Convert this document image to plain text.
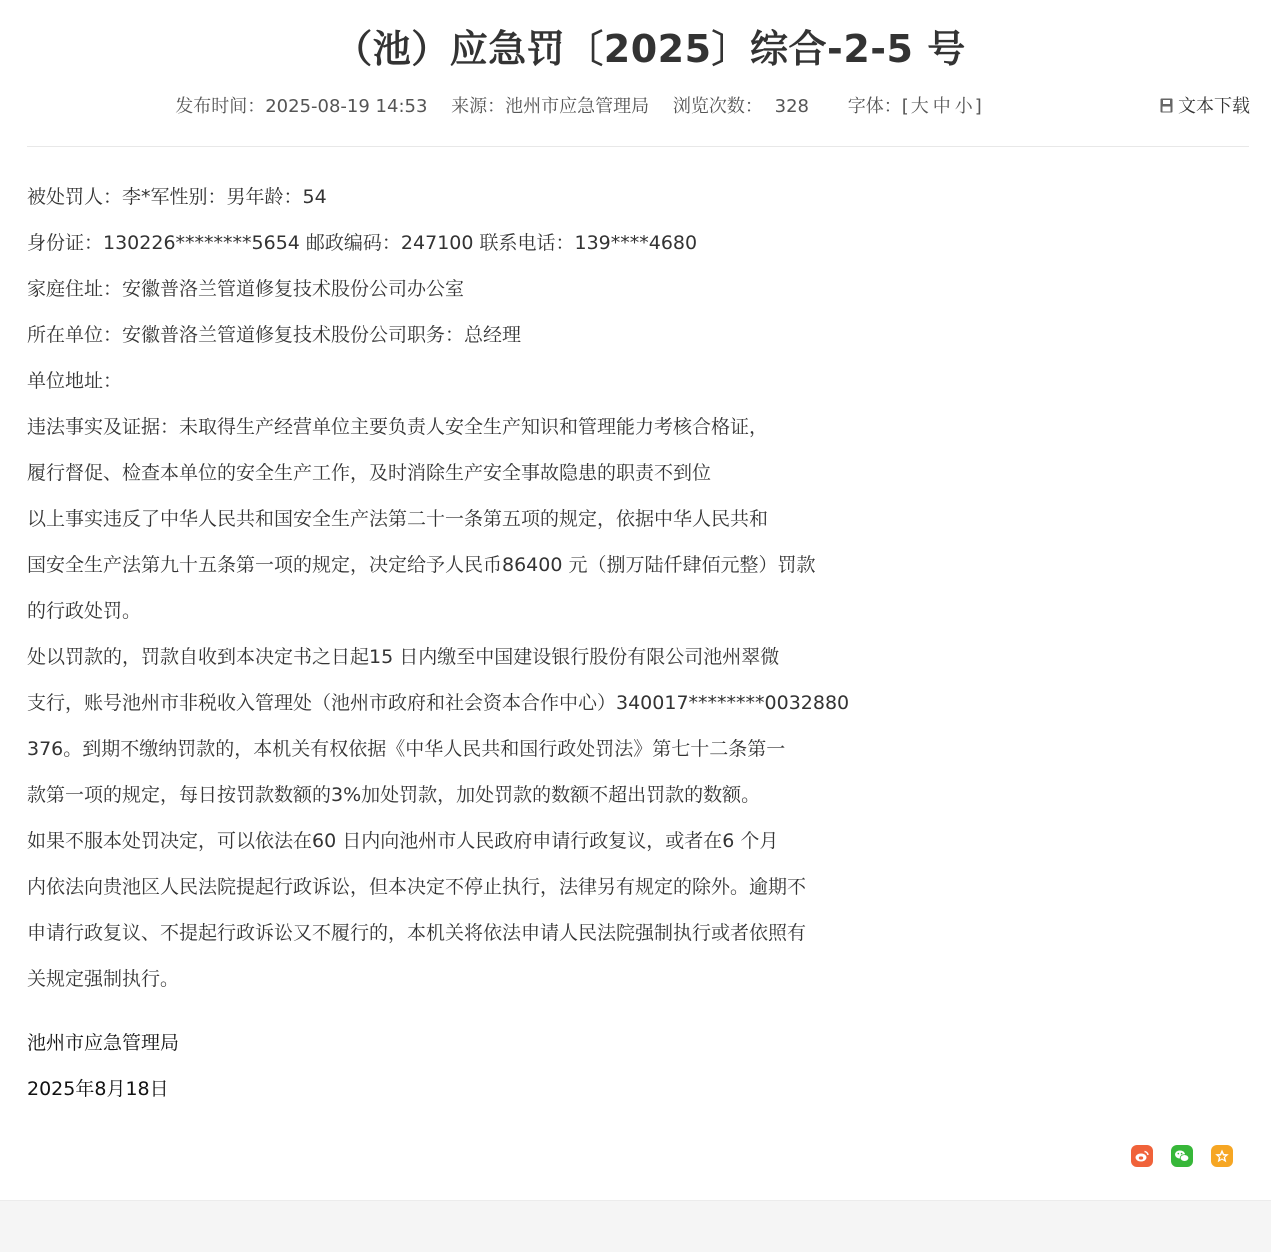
（池）应急罚〔2025〕综合-2-5 号
发布时间：2025-08-19 14:53 来源：池州市应急管理局 浏览次数： 328 字体：[ 大 中 小 ]	文本下载

被处罚人：李*军性别：男年龄：54

身份证：130226********5654 邮政编码：247100 联系电话：139****4680

家庭住址：安徽普洛兰管道修复技术股份公司办公室

所在单位：安徽普洛兰管道修复技术股份公司职务：总经理

单位地址：

违法事实及证据：未取得生产经营单位主要负责人安全生产知识和管理能力考核合格证，

履行督促、检查本单位的安全生产工作，及时消除生产安全事故隐患的职责不到位

以上事实违反了中华人民共和国安全生产法第二十一条第五项的规定，依据中华人民共和

国安全生产法第九十五条第一项的规定，决定给予人民币86400 元（捌万陆仟肆佰元整）罚款

的行政处罚。

处以罚款的，罚款自收到本决定书之日起15 日内缴至中国建设银行股份有限公司池州翠微

支行，账号池州市非税收入管理处（池州市政府和社会资本合作中心）340017********0032880

376。到期不缴纳罚款的，本机关有权依据《中华人民共和国行政处罚法》第七十二条第一

款第一项的规定，每日按罚款数额的3%加处罚款，加处罚款的数额不超出罚款的数额。

如果不服本处罚决定，可以依法在60 日内向池州市人民政府申请行政复议，或者在6 个月

内依法向贵池区人民法院提起行政诉讼，但本决定不停止执行，法律另有规定的除外。逾期不

申请行政复议、不提起行政诉讼又不履行的，本机关将依法申请人民法院强制执行或者依照有

关规定强制执行。

池州市应急管理局

2025年8月18日
